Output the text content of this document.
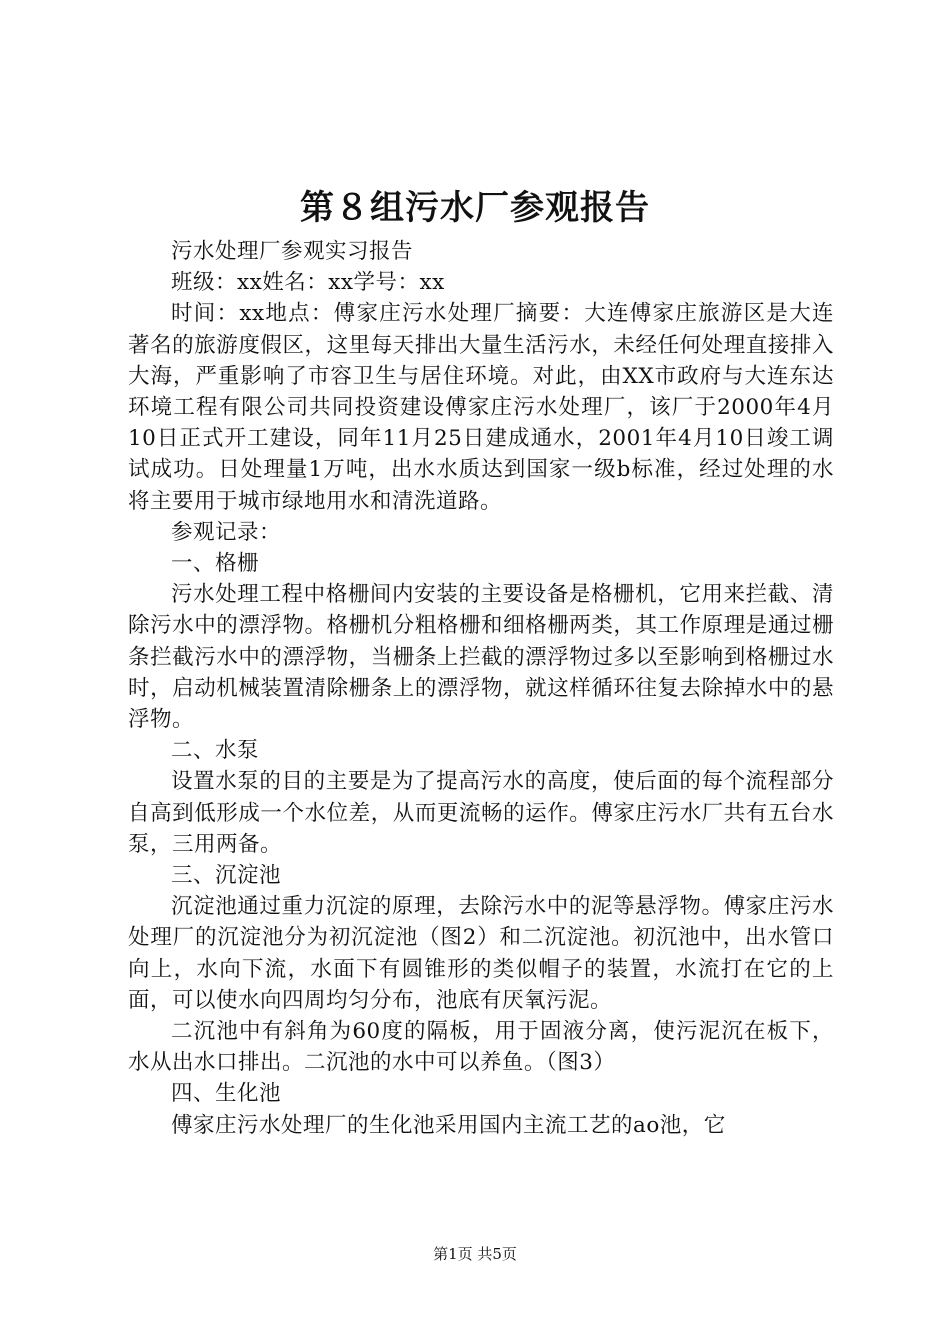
第８组污水厂参观报告

污水处理厂参观实习报告

班级：xx姓名：xx学号：xx

时间：xx地点：傅家庄污水处理厂摘要：大连傅家庄旅游区是大连著名的旅游度假区，这里每天排出大量生活污水，未经任何处理直接排入大海，严重影响了市容卫生与居住环境。对此，由XX市政府与大连东达环境工程有限公司共同投资建设傅家庄污水处理厂，该厂于2000年4月10日正式开工建设，同年11月25日建成通水，2001年4月10日竣工调试成功。日处理量1万吨，出水水质达到国家一级b标准，经过处理的水将主要用于城市绿地用水和清洗道路。

参观记录：

一、格栅

污水处理工程中格栅间内安装的主要设备是格栅机，它用来拦截、清除污水中的漂浮物。格栅机分粗格栅和细格栅两类，其工作原理是通过栅条拦截污水中的漂浮物，当栅条上拦截的漂浮物过多以至影响到格栅过水时，启动机械装置清除栅条上的漂浮物，就这样循环往复去除掉水中的悬浮物。

二、水泵

设置水泵的目的主要是为了提高污水的高度，使后面的每个流程部分自高到低形成一个水位差，从而更流畅的运作。傅家庄污水厂共有五台水泵，三用两备。

三、沉淀池

沉淀池通过重力沉淀的原理，去除污水中的泥等悬浮物。傅家庄污水处理厂的沉淀池分为初沉淀池（图2）和二沉淀池。初沉池中，出水管口向上，水向下流，水面下有圆锥形的类似帽子的装置，水流打在它的上面，可以使水向四周均匀分布，池底有厌氧污泥。

二沉池中有斜角为60度的隔板，用于固液分离，使污泥沉在板下，水从出水口排出。二沉池的水中可以养鱼。（图3）

四、生化池

傅家庄污水处理厂的生化池采用国内主流工艺的ao池，它

第1页 共5页
